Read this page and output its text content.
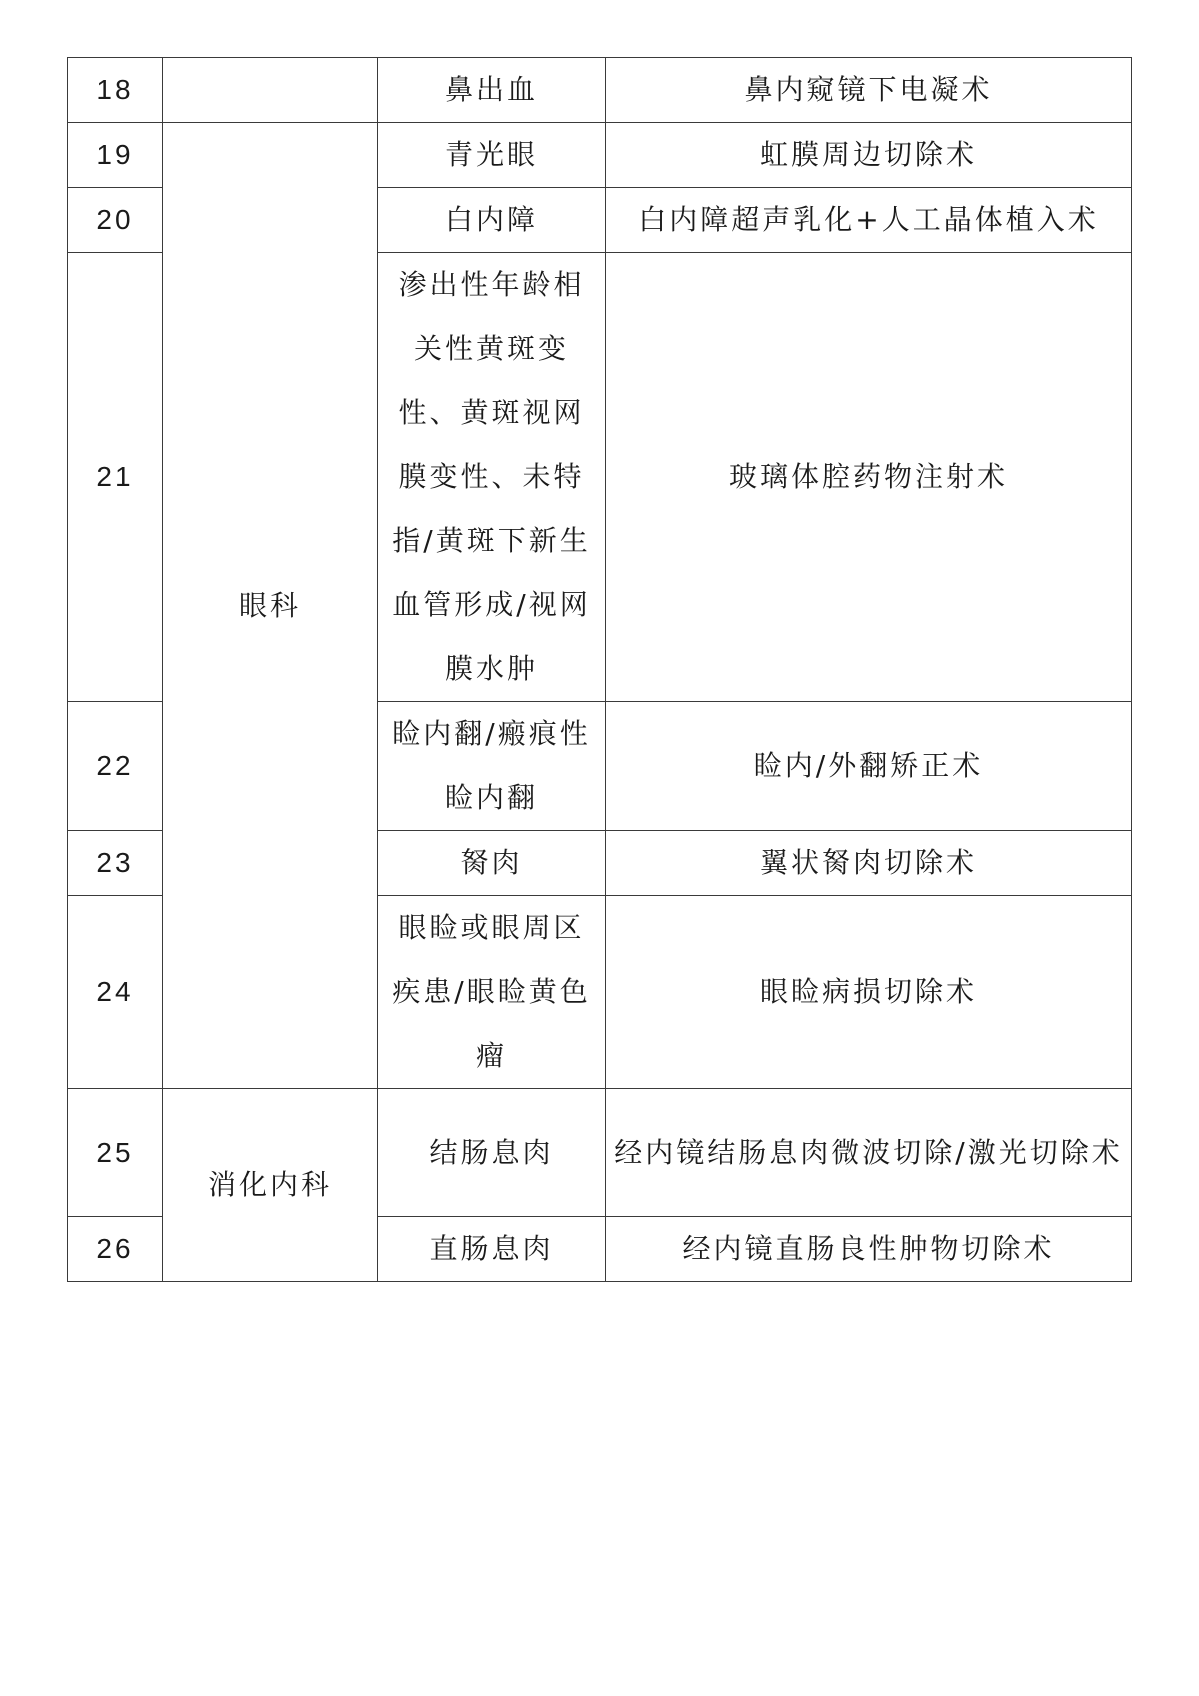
18		鼻出血	鼻内窥镜下电凝术
19	眼科	青光眼	虹膜周边切除术
20		白内障	白内障超声乳化+人工晶体植入术
21		渗出性年龄相关性黄斑变性、黄斑视网膜变性、未特指/黄斑下新生血管形成/视网膜水肿	玻璃体腔药物注射术
22		睑内翻/瘢痕性睑内翻	睑内/外翻矫正术
23		胬肉	翼状胬肉切除术
24		眼睑或眼周区疾患/眼睑黄色瘤	眼睑病损切除术
25	消化内科	结肠息肉	经内镜结肠息肉微波切除/激光切除术

26		直肠息肉	经内镜直肠良性肿物切除术
